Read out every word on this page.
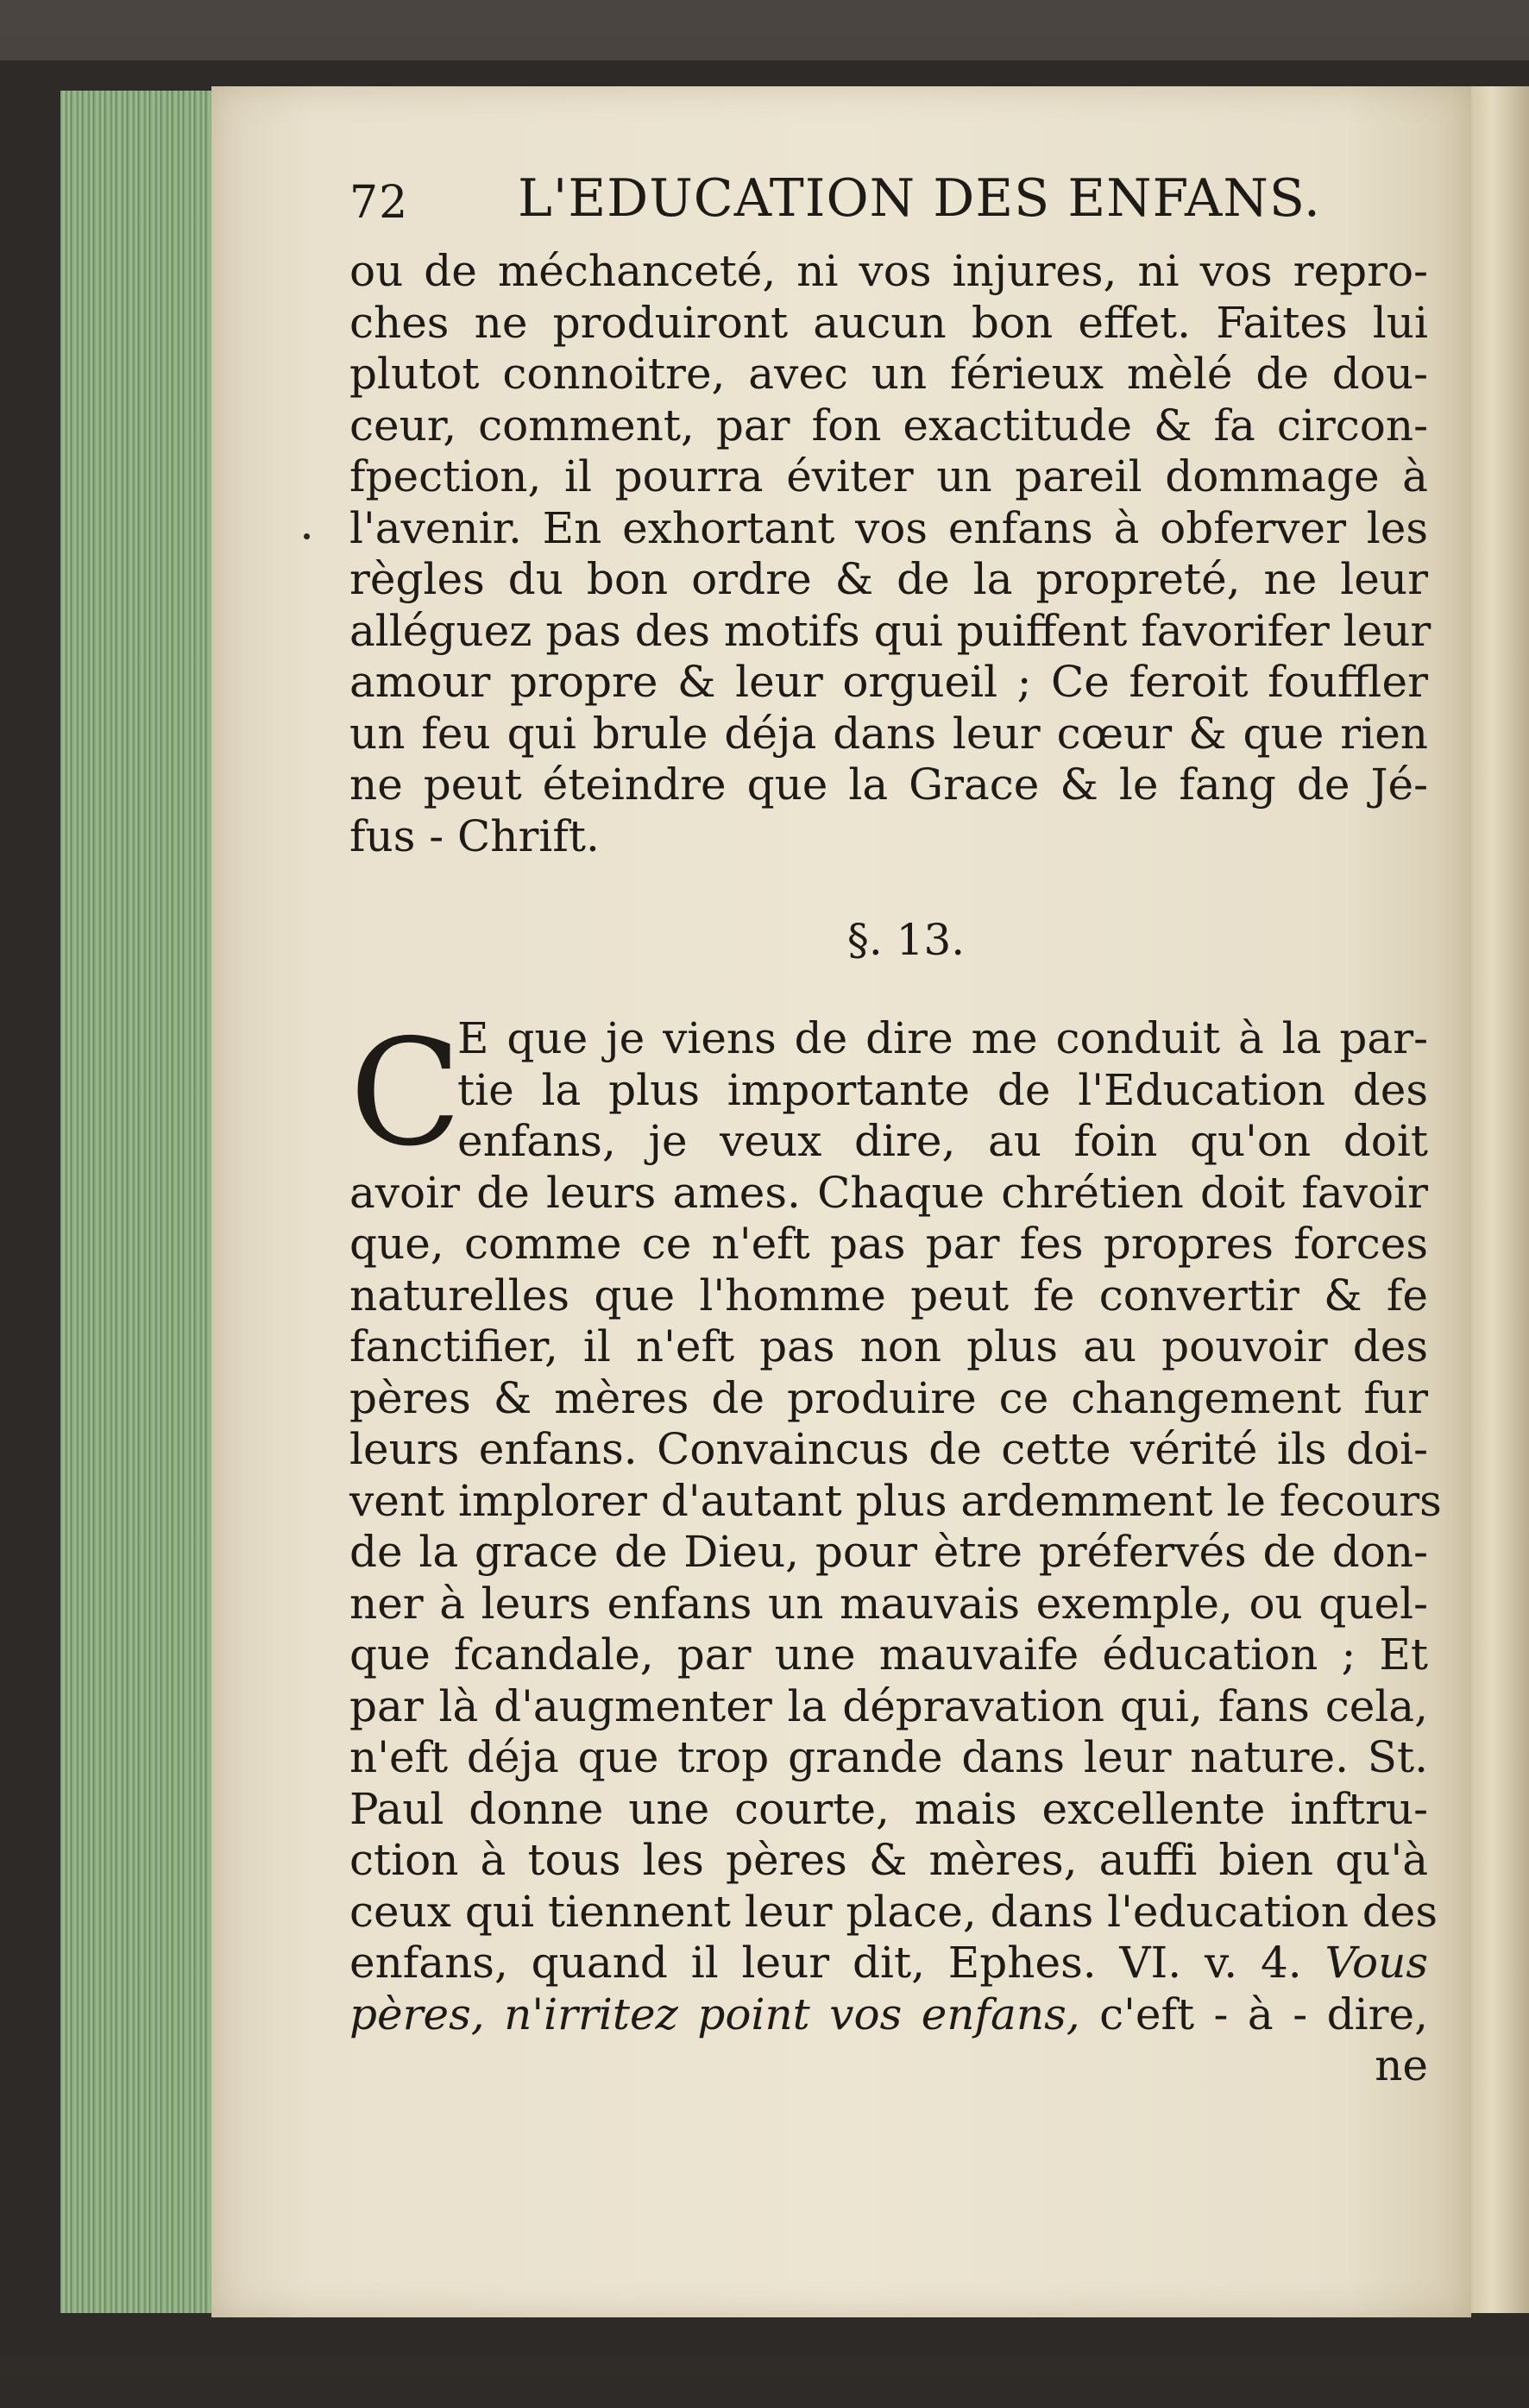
72 L'EDUCATION DES ENFANS.
ou de méchanceté, ni vos injures, ni vos repro-
ches ne produiront aucun bon effet. Faites lui
plutot connoitre, avec un férieux mèlé de dou-
ceur, comment, par fon exactitude & fa circon-
fpection, il pourra éviter un pareil dommage à
l'avenir. En exhortant vos enfans à obferver les
règles du bon ordre & de la propreté, ne leur
alléguez pas des motifs qui puiffent favorifer leur
amour propre & leur orgueil ; Ce feroit fouffler
un feu qui brule déja dans leur cœur & que rien
ne peut éteindre que la Grace & le fang de Jé-
fus - Chrift.
§. 13.
C
E que je viens de dire me conduit à la par-
tie la plus importante de l'Education des
enfans, je veux dire, au foin qu'on doit
avoir de leurs ames. Chaque chrétien doit favoir
que, comme ce n'eft pas par fes propres forces
naturelles que l'homme peut fe convertir & fe
fanctifier, il n'eft pas non plus au pouvoir des
pères & mères de produire ce changement fur
leurs enfans. Convaincus de cette vérité ils doi-
vent implorer d'autant plus ardemment le fecours
de la grace de Dieu, pour ètre préfervés de don-
ner à leurs enfans un mauvais exemple, ou quel-
que fcandale, par une mauvaife éducation ; Et
par là d'augmenter la dépravation qui, fans cela,
n'eft déja que trop grande dans leur nature. St.
Paul donne une courte, mais excellente inftru-
ction à tous les pères & mères, auffi bien qu'à
ceux qui tiennent leur place, dans l'education des
enfans, quand il leur dit, Ephes. VI. v. 4. Vous
pères, n'irritez point vos enfans, c'eft - à - dire,
ne
